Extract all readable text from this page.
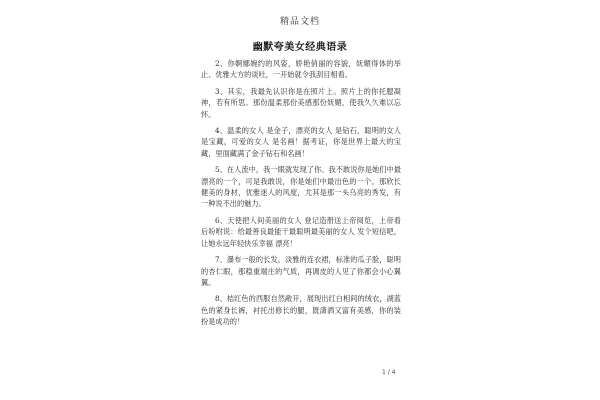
精品文档
幽默夸美女经典语录

2、你婀娜婉约的风姿，娇艳俏丽的容貌，妩媚得体的举止、优雅大方的谈吐，一开始就令我刮目相看。

3、其实，我最先认识你是在照片上。照片上的你托腮凝神，若有所思。那份温柔那份美感那份妩媚，使我久久难以忘怀。

4、温柔的女人 是金子，漂亮的女人 是钻石，聪明的女人 是宝藏，可爱的女人 是名画！据考证，你是世界上最大的宝藏，里面藏满了金子钻石和名画！

5、在人流中，我一眼就发现了你。我不敢说你是她们中最漂亮的一个，可是我敢说，你是她们中最出色的一个。那欣长健美的身材，优雅迷人的风度，尤其是那一头乌亮的秀发，有一种说不出的魅力。

6、天使把人间美丽的女人 登记造册送上帝阅览，上帝看后吩咐说：给最善良最能干最聪明最美丽的女人 发个短信吧，让她永远年轻快乐幸福 漂亮！

7、瀑布一般的长发，淡雅的连衣裙，标准的瓜子脸，聪明的杏仁眼，那稳重端庄的气质，再调皮的人见了你都会小心翼翼。

8、桔红色的西服自然敞开，展现出红白相间的绒衣，湖蓝色的紧身长裤，衬托出修长的腿，既潇洒又富有美感，你的装扮是成功的！

1 / 4
